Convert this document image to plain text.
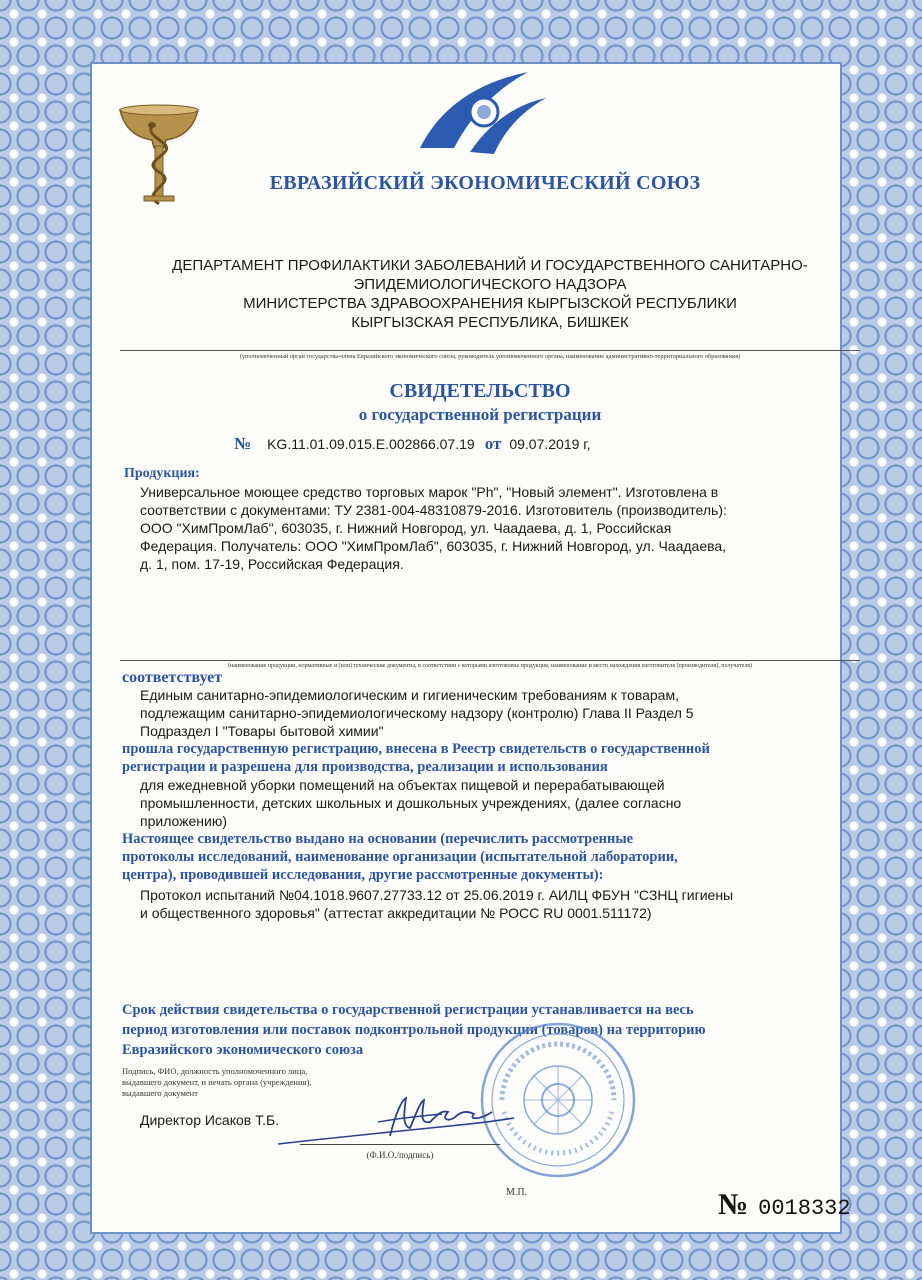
ЕВРАЗИЙСКИЙ ЭКОНОМИЧЕСКИЙ СОЮЗ
ДЕПАРТАМЕНТ ПРОФИЛАКТИКИ ЗАБОЛЕВАНИЙ И ГОСУДАРСТВЕННОГО САНИТАРНО-
ЭПИДЕМИОЛОГИЧЕСКОГО НАДЗОРА
МИНИСТЕРСТВА ЗДРАВООХРАНЕНИЯ КЫРГЫЗСКОЙ РЕСПУБЛИКИ
КЫРГЫЗСКАЯ РЕСПУБЛИКА, БИШКЕК
(уполномоченный орган государства-члена Евразийского экономического союза, руководитель уполномоченного органа, наименование административно-территориального образования)
СВИДЕТЕЛЬСТВО
о государственной регистрации
№ KG.11.01.09.015.Е.002866.07.19 от 09.07.2019 г,
Продукция:
Универсальное моющее средство торговых марок "Ph", "Новый элемент". Изготовлена в
соответствии с документами: ТУ 2381-004-48310879-2016. Изготовитель (производитель):
ООО "ХимПромЛаб", 603035, г. Нижний Новгород, ул. Чаадаева, д. 1, Российская
Федерация. Получатель: ООО "ХимПромЛаб", 603035, г. Нижний Новгород, ул. Чаадаева,
д. 1, пом. 17-19, Российская Федерация.
(наименование продукции, нормативные и (или) технические документы, в соответствии с которыми изготовлена продукция, наименование и место нахождения изготовителя (производителя), получателя)
соответствует
Единым санитарно-эпидемиологическим и гигиеническим требованиям к товарам,
подлежащим санитарно-эпидемиологическому надзору (контролю) Глава II Раздел 5
Подраздел I "Товары бытовой химии"
прошла государственную регистрацию, внесена в Реестр свидетельств о государственной
регистрации и разрешена для производства, реализации и использования
для ежедневной уборки помещений на объектах пищевой и перерабатывающей
промышленности, детских школьных и дошкольных учреждениях, (далее согласно
приложению)
Настоящее свидетельство выдано на основании (перечислить рассмотренные
протоколы исследований, наименование организации (испытательной лаборатории,
центра), проводившей исследования, другие рассмотренные документы):
Протокол испытаний №04.1018.9607.27733.12 от 25.06.2019 г. АИЛЦ ФБУН "СЗНЦ гигиены
и общественного здоровья" (аттестат аккредитации № РОСС RU 0001.511172)
Срок действия свидетельства о государственной регистрации устанавливается на весь
период изготовления или поставок подконтрольной продукции (товаров) на территорию
Евразийского экономического союза
Подпись, ФИО, должность уполномоченного лица,
выдавшего документ, и печать органа (учреждения),
выдавшего документ
Директор Исаков Т.Б.
(Ф.И.О./подпись)
М.П.	№ 0018332
